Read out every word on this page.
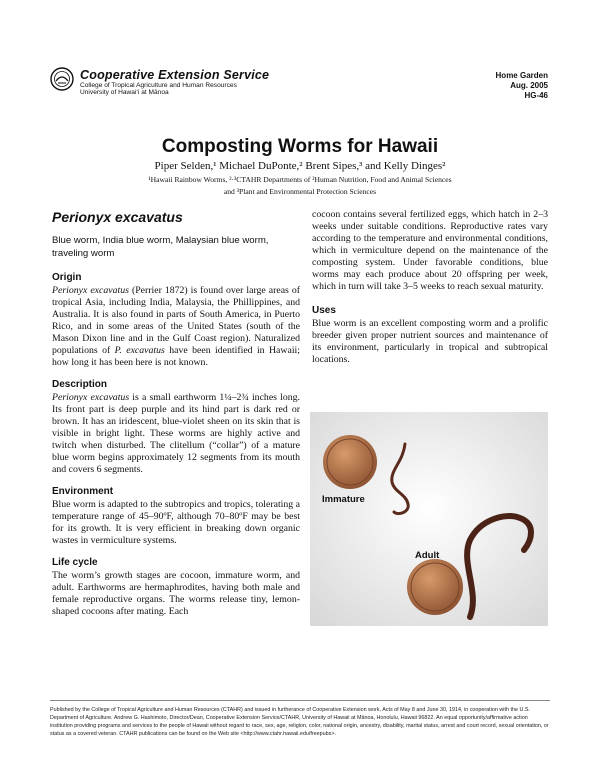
Cooperative Extension Service
College of Tropical Agriculture and Human Resources
University of Hawai‘i at Mānoa
Home Garden
Aug. 2005
HG-46
Composting Worms for Hawaii
Piper Selden,¹ Michael DuPonte,² Brent Sipes,³ and Kelly Dinges²
¹Hawaii Rainbow Worms, ²·³CTAHR Departments of ²Human Nutrition, Food and Animal Sciences
and ³Plant and Environmental Protection Sciences
Perionyx excavatus
Blue worm, India blue worm, Malaysian blue worm, traveling worm
Origin

Perionyx excavatus (Perrier 1872) is found over large areas of tropical Asia, including India, Malaysia, the Phillippines, and Australia. It is also found in parts of South America, in Puerto Rico, and in some areas of the United States (south of the Mason Dixon line and in the Gulf Coast region). Naturalized populations of P. excavatus have been identified in Hawaii; how long it has been here is not known.

Description

Perionyx excavatus is a small earthworm 1¼–2¾ inches long. Its front part is deep purple and its hind part is dark red or brown. It has an iridescent, blue-violet sheen on its skin that is visible in bright light. These worms are highly active and twitch when disturbed. The clitellum (“collar”) of a mature blue worm begins approximately 12 segments from its mouth and covers 6 segments.

Environment

Blue worm is adapted to the subtropics and tropics, tolerating a temperature range of 45–90ºF, although 70–80ºF may be best for its growth. It is very efficient in breaking down organic wastes in vermiculture systems.

Life cycle

The worm’s growth stages are cocoon, immature worm, and adult. Earthworms are hermaphrodites, having both male and female reproductive organs. The worms release tiny, lemon-shaped cocoons after mating. Each

cocoon contains several fertilized eggs, which hatch in 2–3 weeks under suitable conditions. Reproductive rates vary according to the temperature and environmental conditions, which in vermiculture depend on the maintenance of the composting system. Under favorable conditions, blue worms may each produce about 20 offspring per week, which in turn will take 3–5 weeks to reach sexual maturity.

Uses

Blue worm is an excellent composting worm and a prolific breeder given proper nutrient sources and maintenance of its environment, particularly in tropical and subtropical locations.

Immature
Adult
Published by the College of Tropical Agriculture and Human Resources (CTAHR) and issued in furtherance of Cooperative Extension work, Acts of May 8 and June 30, 1914, in cooperation with the U.S. Department of Agriculture. Andrew G. Hashimoto, Director/Dean, Cooperative Extension Service/CTAHR, University of Hawaii at Mānoa, Honolulu, Hawaii 96822. An equal opportunity/affirmative action institution providing programs and services to the people of Hawaii without regard to race, sex, age, religion, color, national origin, ancestry, disability, marital status, arrest and court record, sexual orientation, or status as a covered veteran. CTAHR publications can be found on the Web site <http://www.ctahr.hawaii.edu/freepubs>.
